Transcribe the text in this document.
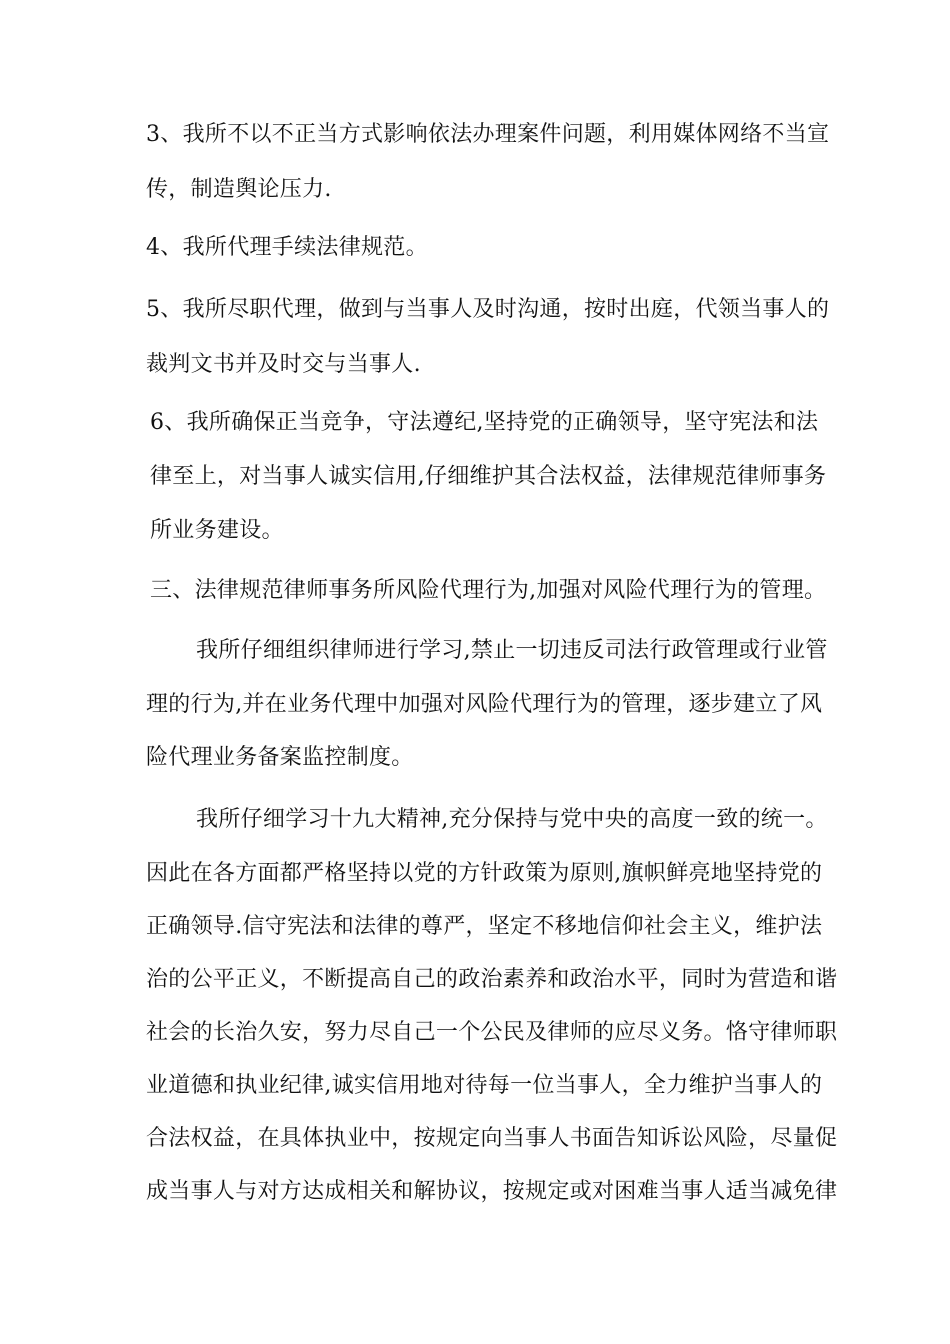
3、我所不以不正当方式影响依法办理案件问题，利用媒体网络不当宣
传，制造舆论压力.
4、我所代理手续法律规范。
5、我所尽职代理，做到与当事人及时沟通，按时出庭，代领当事人的
裁判文书并及时交与当事人.
6、我所确保正当竞争，守法遵纪,坚持党的正确领导，坚守宪法和法
律至上，对当事人诚实信用,仔细维护其合法权益，法律规范律师事务
所业务建设。
三、法律规范律师事务所风险代理行为,加强对风险代理行为的管理。
我所仔细组织律师进行学习,禁止一切违反司法行政管理或行业管
理的行为,并在业务代理中加强对风险代理行为的管理，逐步建立了风
险代理业务备案监控制度。
我所仔细学习十九大精神,充分保持与党中央的高度一致的统一。
因此在各方面都严格坚持以党的方针政策为原则,旗帜鲜亮地坚持党的
正确领导.信守宪法和法律的尊严，坚定不移地信仰社会主义，维护法
治的公平正义，不断提高自己的政治素养和政治水平，同时为营造和谐
社会的长治久安，努力尽自己一个公民及律师的应尽义务。恪守律师职
业道德和执业纪律,诚实信用地对待每一位当事人，全力维护当事人的
合法权益，在具体执业中，按规定向当事人书面告知诉讼风险，尽量促
成当事人与对方达成相关和解协议，按规定或对困难当事人适当减免律
